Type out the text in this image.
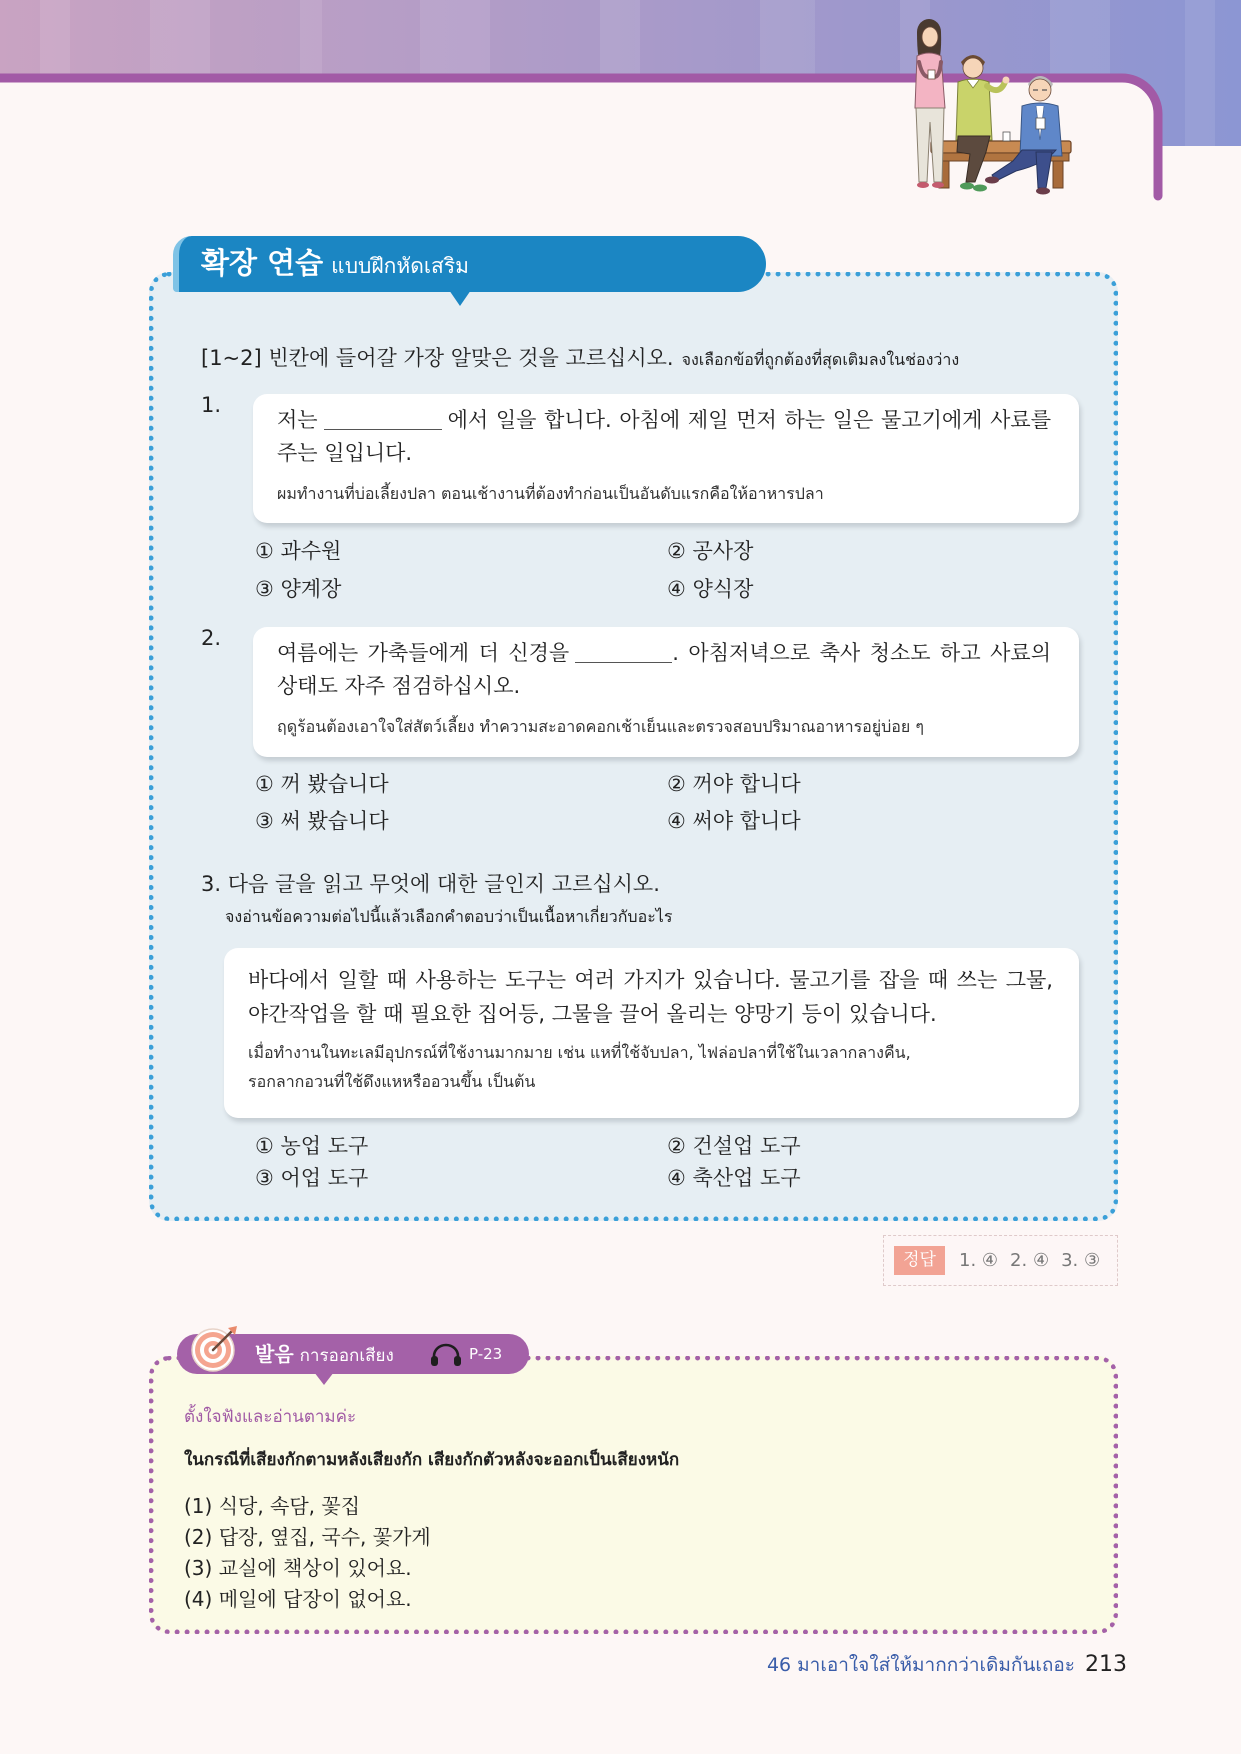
확장 연습 แบบฝึกหัดเสริม
[1~2] 빈칸에 들어갈 가장 알맞은 것을 고르십시오. จงเลือกข้อที่ถูกต้องที่สุดเติมลงในช่องว่าง
1.

저는	에서 일을 합니다. 아침에 제일 먼저 하는 일은 물고기에게 사료를 주는 일입니다.

ผมทำงานที่บ่อเลี้ยงปลา ตอนเช้างานที่ต้องทำก่อนเป็นอันดับแรกคือให้อาหารปลา

① 과수원	② 공사장
③ 양계장	④ 양식장
2.

여름에는 가축들에게 더 신경을	. 아침저녁으로 축사 청소도 하고 사료의 상태도 자주 점검하십시오.

ฤดูร้อนต้องเอาใจใส่สัตว์เลี้ยง ทำความสะอาดคอกเช้าเย็นและตรวจสอบปริมาณอาหารอยู่บ่อย ๆ

① 꺼 봤습니다	② 꺼야 합니다
③ 써 봤습니다	④ 써야 합니다
3. 다음 글을 읽고 무엇에 대한 글인지 고르십시오.
จงอ่านข้อความต่อไปนี้แล้วเลือกคำตอบว่าเป็นเนื้อหาเกี่ยวกับอะไร

바다에서 일할 때 사용하는 도구는 여러 가지가 있습니다. 물고기를 잡을 때 쓰는 그물, 야간작업을 할 때 필요한 집어등, 그물을 끌어 올리는 양망기 등이 있습니다.

เมื่อทำงานในทะเลมีอุปกรณ์ที่ใช้งานมากมาย เช่น แหที่ใช้จับปลา, ไฟล่อปลาที่ใช้ในเวลากลางคืน,
รอกลากอวนที่ใช้ดึงแหหรืออวนขึ้น เป็นต้น
① 농업 도구	② 건설업 도구
③ 어업 도구	④ 축산업 도구
정답	1. ④ 2. ④ 3. ③
발음 การออกเสียง	P-23
ตั้งใจฟังและอ่านตามค่ะ
ในกรณีที่เสียงกักตามหลังเสียงกัก เสียงกักตัวหลังจะออกเป็นเสียงหนัก
(1) 식당, 속담, 꽃집
(2) 답장, 옆집, 국수, 꽃가게
(3) 교실에 책상이 있어요.
(4) 메일에 답장이 없어요.
46 มาเอาใจใส่ให้มากกว่าเดิมกันเถอะ 213
